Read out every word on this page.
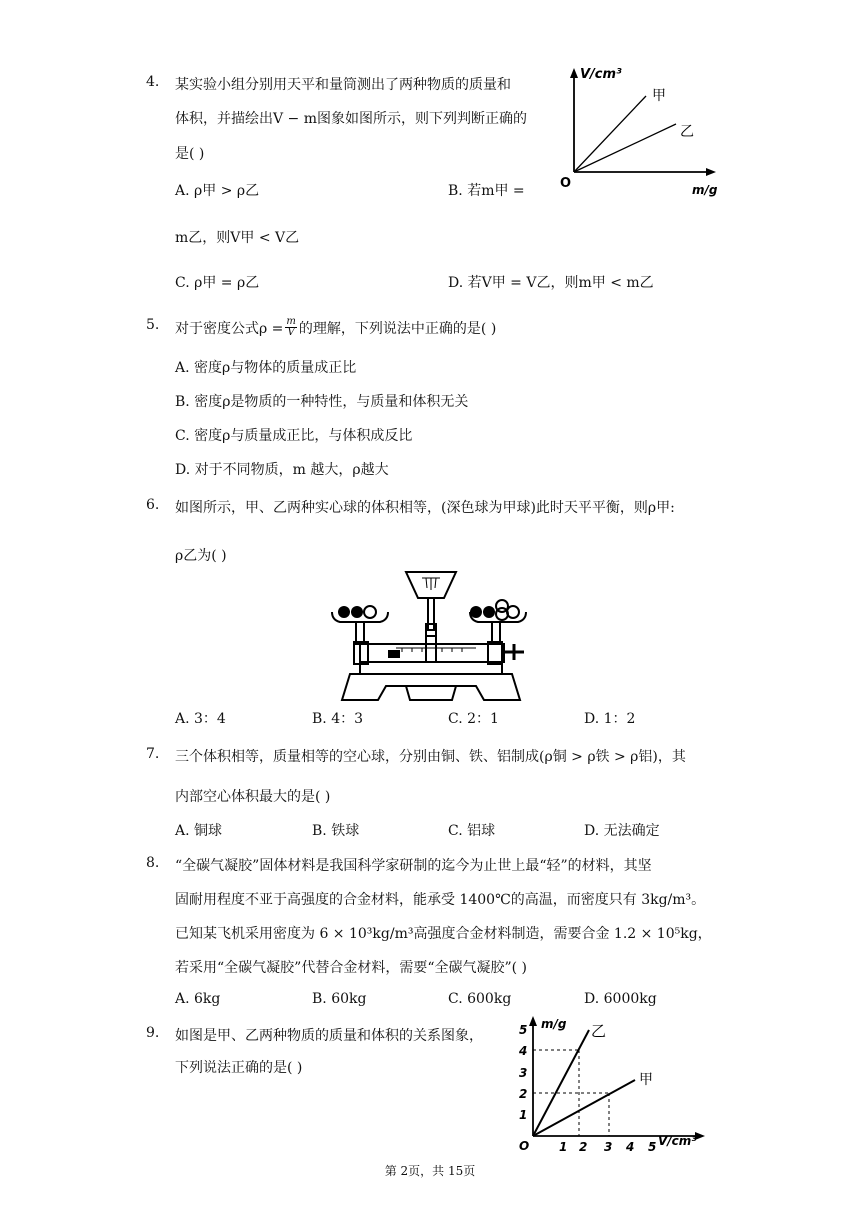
4. 某实验小组分别用天平和量筒测出了两种物质的质量和
体积，并描绘出V − m图象如图所示，则下列判断正确的
是( )
A. ρ甲 > ρ乙	B. 若m甲 =
m乙，则V甲 < V乙
C. ρ甲 = ρ乙	D. 若V甲 = V乙，则m甲 < m乙
V/cm³
m/g
O
甲
乙
5. 对于密度公式$\rho = \frac{m}{V}$ 的理解，下列说法中正确的是( )
A. 密度ρ与物体的质量成正比
B. 密度ρ是物质的一种特性，与质量和体积无关
C. 密度ρ与质量成正比，与体积成反比
D. 对于不同物质，m 越大，ρ越大
6. 如图所示，甲、乙两种实心球的体积相等，(深色球为甲球)此时天平平衡，则ρ甲:
ρ乙为( )
A. 3：4	B. 4：3	C. 2：1	D. 1：2
7. 三个体积相等，质量相等的空心球，分别由铜、铁、铝制成(ρ铜 > ρ铁 > ρ铝)，其
内部空心体积最大的是( )
A. 铜球	B. 铁球	C. 铝球	D. 无法确定
8. “全碳气凝胶”固体材料是我国科学家研制的迄今为止世上最“轻”的材料，其坚
固耐用程度不亚于高强度的合金材料，能承受 1400℃的高温，而密度只有 3kg/m³。
已知某飞机采用密度为 6 × 10³kg/m³高强度合金材料制造，需要合金 1.2 × 10⁵kg，
若采用“全碳气凝胶”代替合金材料，需要“全碳气凝胶”( )
A. 6kg	B. 60kg	C. 600kg	D. 6000kg
9. 如图是甲、乙两种物质的质量和体积的关系图象，
下列说法正确的是( )
1 2 3 4 5
1
2
3
4
5
O
m/g
V/cm³
乙
甲
第 2页，共 15页
